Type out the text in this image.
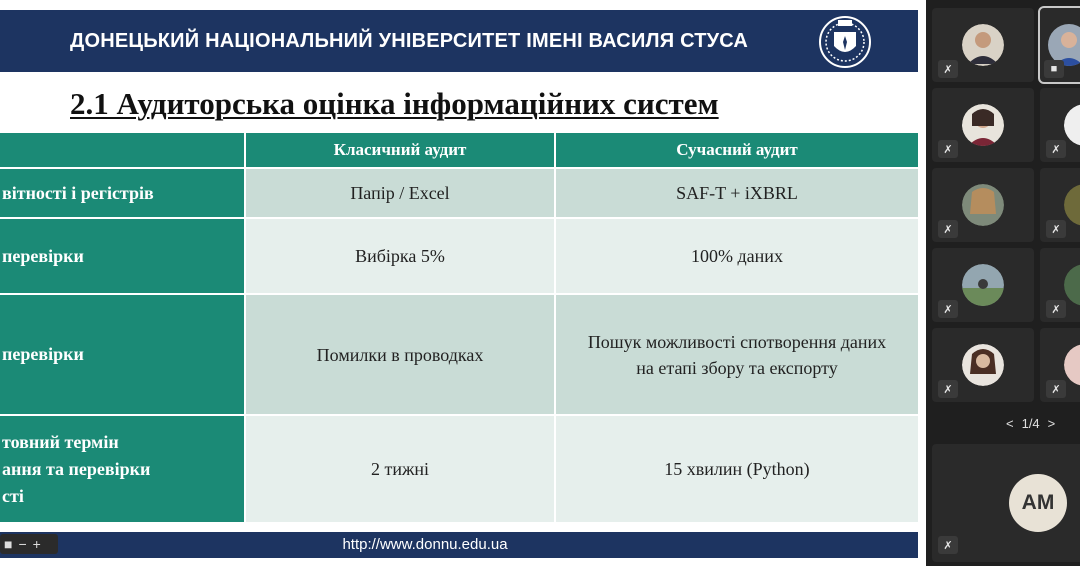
ДОНЕЦЬКИЙ НАЦІОНАЛЬНИЙ УНІВЕРСИТЕТ ІМЕНІ ВАСИЛЯ СТУСА
2.1 Аудиторська оцінка інформаційних систем
	Класичний аудит	Сучасний аудит

вітності і регістрів	Папір / Excel	SAF-T + iXBRL

перевірки	Вибірка 5%	100% даних

перевірки	Помилки в проводках	Пошук можливості спотворення даних
на етапі збору та експорту

товний термін
ання та перевірки
сті	2 тижні	15 хвилин (Python)
http://www.donnu.edu.ua
■ − +
✗	■
✗	✗
✗	✗
✗	✗
✗	✗
< 1/4 >
✗
AM
